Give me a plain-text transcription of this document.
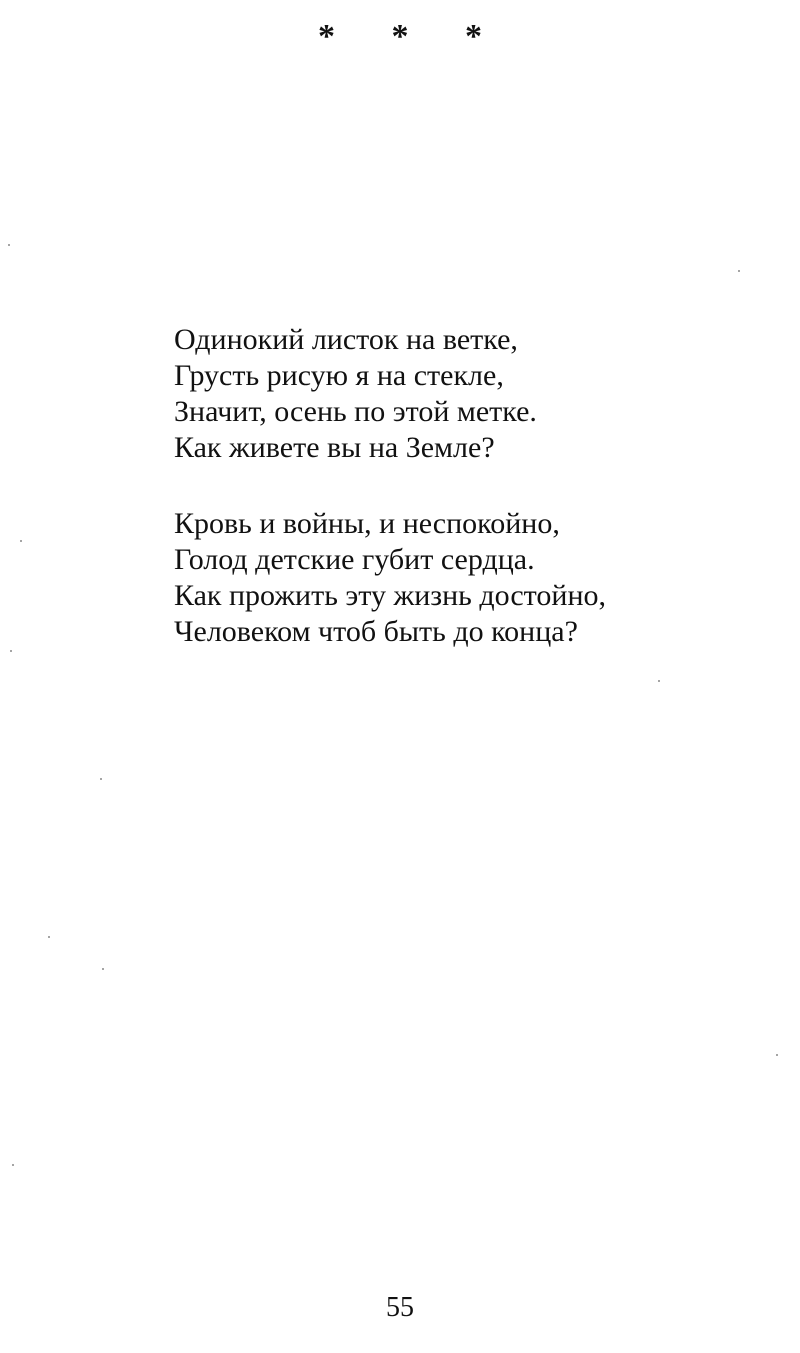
* * *
Одинокий листок на ветке,
Грусть рисую я на стекле,
Значит, осень по этой метке.
Как живете вы на Земле?
Кровь и войны, и неспокойно,
Голод детские губит сердца.
Как прожить эту жизнь достойно,
Человеком чтоб быть до конца?
55
